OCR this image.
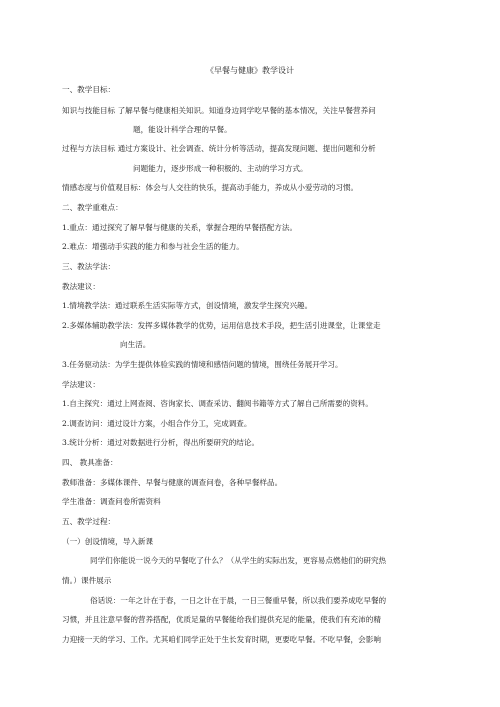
《早餐与健康》教学设计
一、教学目标：
知识与技能目标 了解早餐与健康相关知识。知道身边同学吃早餐的基本情况，关注早餐营养问
题，能设计科学合理的早餐。
过程与方法目标 通过方案设计、社会调查、统计分析等活动，提高发现问题、提出问题和分析
问题能力，逐步形成一种积极的、主动的学习方式。
情感态度与价值观目标：体会与人交往的快乐，提高动手能力，养成从小爱劳动的习惯。
二、教学重难点：
1.重点：通过探究了解早餐与健康的关系，掌握合理的早餐搭配方法。
2.难点：增强动手实践的能力和参与社会生活的能力。
三、教法学法：
教法建议：
1.情境教学法：通过联系生活实际等方式，创设情境，激发学生探究兴趣。
2.多媒体辅助教学法：发挥多媒体教学的优势，运用信息技术手段，把生活引进课堂，让课堂走
向生活。
3.任务驱动法：为学生提供体验实践的情境和感悟问题的情境，围绕任务展开学习。
学法建议：
1.自主探究：通过上网查阅、咨询家长、调查采访、翻阅书籍等方式了解自己所需要的资料。
2.调查访问：通过设计方案，小组合作分工，完成调查。
3.统计分析：通过对数据进行分析，得出所要研究的结论。
四、 教具准备：
教师准备：多媒体课件、早餐与健康的调查问卷，各种早餐样品。
学生准备：调查问卷所需资料
五、教学过程：
（一）创设情境，导入新课
同学们你能说一说今天的早餐吃了什么？（从学生的实际出发，更容易点燃他们的研究热
情。）课件展示
俗话说：一年之计在于春，一日之计在于晨，一日三餐重早餐，所以我们要养成吃早餐的
习惯，并且注意早餐的营养搭配，优质足量的早餐能给我们提供充足的能量，使我们有充沛的精
力迎接一天的学习、工作。尤其咱们同学正处于生长发育时期，更要吃早餐。不吃早餐，会影响
